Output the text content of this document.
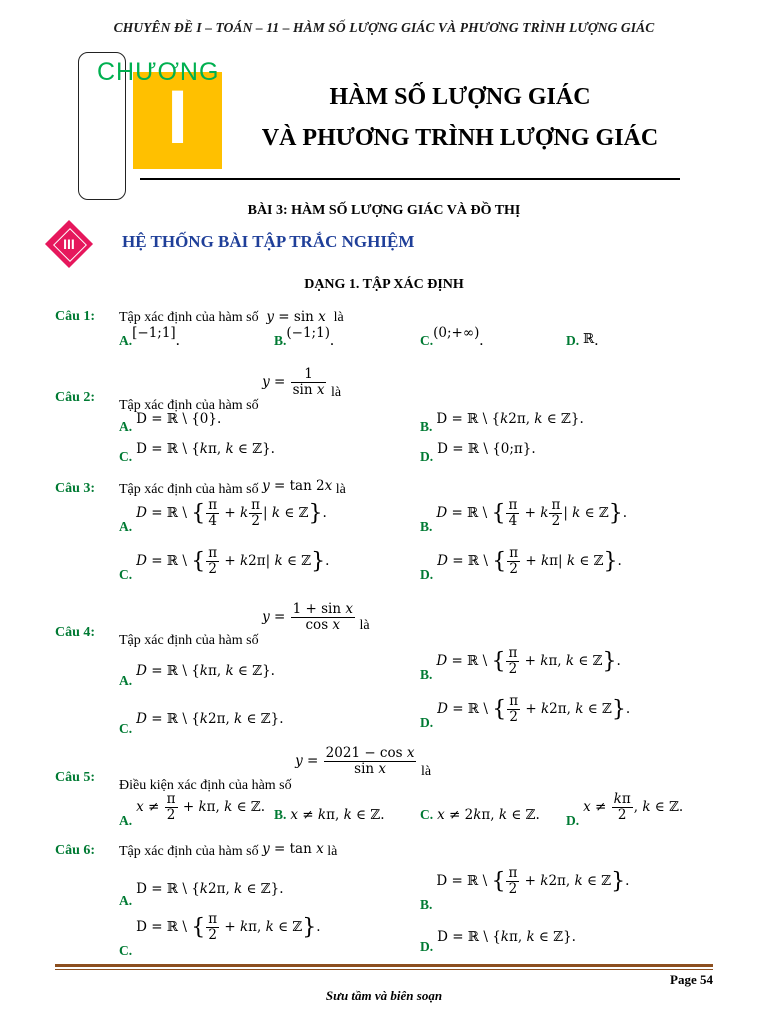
CHUYÊN ĐỀ I – TOÁN – 11 – HÀM SỐ LƯỢNG GIÁC VÀ PHƯƠNG TRÌNH LƯỢNG GIÁC
I
CHƯƠNG
HÀM SỐ LƯỢNG GIÁC
VÀ PHƯƠNG TRÌNH LƯỢNG GIÁC
BÀI 3: HÀM SỐ LƯỢNG GIÁC VÀ ĐỒ THỊ
III	HỆ THỐNG BÀI TẬP TRẮC NGHIỆM
DẠNG 1. TẬP XÁC ĐỊNH
Câu 1: Tập xác định của hàm số y = sin x là
A.[−1;1].	B.$^{(-1;1)}$.	C.$^{(0;+\infty)}$.	D. ℝ.
Câu 2:
Tập xác định của hàm số $y = \frac{1}{\text{sin x}}$ là
$_{A.}$ D = ℝ \ {0}.	$_{B.}$ D = ℝ \ {k2π, k ∈ ℤ}.
$_{C.}$ D = ℝ \ {kπ, k ∈ ℤ}.	$_{D.}$ D = ℝ \ {0;π}.
Câu 3: Tập xác định của hàm số y = tan 2x là
$_{A.}$ D = ℝ \ { $\frac{\pi}{4} + k \frac{\pi}{2}$ | k ∈ ℤ}.
$_{B.}$ D = ℝ \ { $\frac{\pi}{4} + k \frac{\pi}{2}$ | k ∈ ℤ}.
$_{C.}$ D = ℝ \ { $\frac{\pi}{2} + k2\pi|$ k ∈ ℤ}.
$_{D.}$ D = ℝ \ { $\frac{\pi}{2} + k\pi|$ k ∈ ℤ}.
Câu 4:
Tập xác định của hàm số $y = \frac{\text{1 + sin x}}{\text{cos x}}$ là
$_{A.}$ D = ℝ \ {kπ, k ∈ ℤ}.	$_{B.}$ D = ℝ \ { $\frac{\pi}{2} + k\pi$, k ∈ ℤ}.
$_{C.}$ D = ℝ \ {k2π, k ∈ ℤ}.	$_{D.}$ D = ℝ \ { $\frac{\pi}{2} + k2\pi$, k ∈ ℤ}.
Câu 5:
Điều kiện xác định của hàm số $y = \frac{\text{2021 − cos x}}{\text{sin x}}$ là
$_{A.}$ $x \ne \frac{\pi}{2} + k\pi$, k ∈ ℤ. B. x ≠ kπ, k ∈ ℤ.	C. x ≠ 2kπ, k ∈ ℤ. $_{D.}$ $x \ne \frac{k\pi}{2}$ , k ∈ ℤ.
Câu 6: Tập xác định của hàm số y = tan x là
$_{A.}$ D = ℝ \ {k2π, k ∈ ℤ}.
$_{B.}$ D = ℝ \ { $\frac{\pi}{2} + k2\pi$, k ∈ ℤ}.
$_{C.}$ D = ℝ \ { $\frac{\pi}{2} + k\pi$, k ∈ ℤ}.
$_{D.}$ D = ℝ \ {kπ, k ∈ ℤ}.
Page 54
Sưu tầm và biên soạn
